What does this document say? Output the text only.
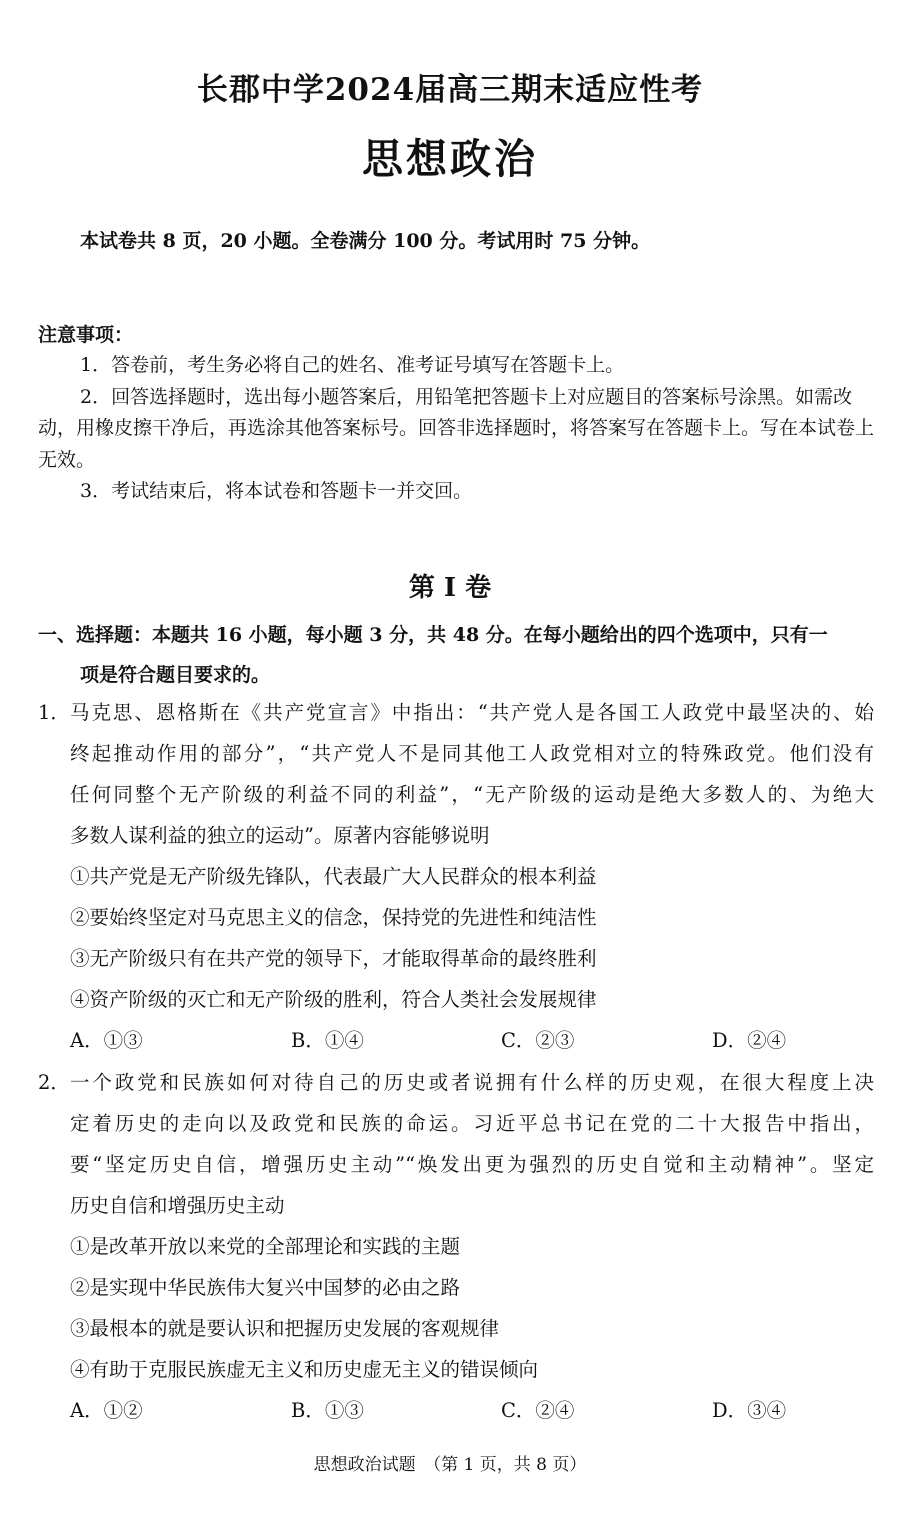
长郡中学2024届高三期末适应性考
思想政治
本试卷共 8 页，20 小题。全卷满分 100 分。考试用时 75 分钟。
注意事项：

1．答卷前，考生务必将自己的姓名、准考证号填写在答题卡上。

2．回答选择题时，选出每小题答案后，用铅笔把答题卡上对应题目的答案标号涂黑。如需改动，用橡皮擦干净后，再选涂其他答案标号。回答非选择题时，将答案写在答题卡上。写在本试卷上无效。

3．考试结束后，将本试卷和答题卡一并交回。

第 I 卷
一、选择题：本题共 16 小题，每小题 3 分，共 48 分。在每小题给出的四个选项中，只有一
项是符合题目要求的。
1． 马克思、恩格斯在《共产党宣言》中指出：“共产党人是各国工人政党中最坚决的、始
终起推动作用的部分”，“共产党人不是同其他工人政党相对立的特殊政党。他们没有
任何同整个无产阶级的利益不同的利益”，“无产阶级的运动是绝大多数人的、为绝大
多数人谋利益的独立的运动”。原著内容能够说明
①共产党是无产阶级先锋队，代表最广大人民群众的根本利益
②要始终坚定对马克思主义的信念，保持党的先进性和纯洁性
③无产阶级只有在共产党的领导下，才能取得革命的最终胜利
④资产阶级的灭亡和无产阶级的胜利，符合人类社会发展规律
A．①③	B．①④	C．②③	D．②④
2． 一个政党和民族如何对待自己的历史或者说拥有什么样的历史观，在很大程度上决
定着历史的走向以及政党和民族的命运。习近平总书记在党的二十大报告中指出，
要“坚定历史自信，增强历史主动”“焕发出更为强烈的历史自觉和主动精神”。坚定
历史自信和增强历史主动
①是改革开放以来党的全部理论和实践的主题
②是实现中华民族伟大复兴中国梦的必由之路
③最根本的就是要认识和把握历史发展的客观规律
④有助于克服民族虚无主义和历史虚无主义的错误倾向
A．①②	B．①③	C．②④	D．③④
思想政治试题　（第 1 页，共 8 页）
